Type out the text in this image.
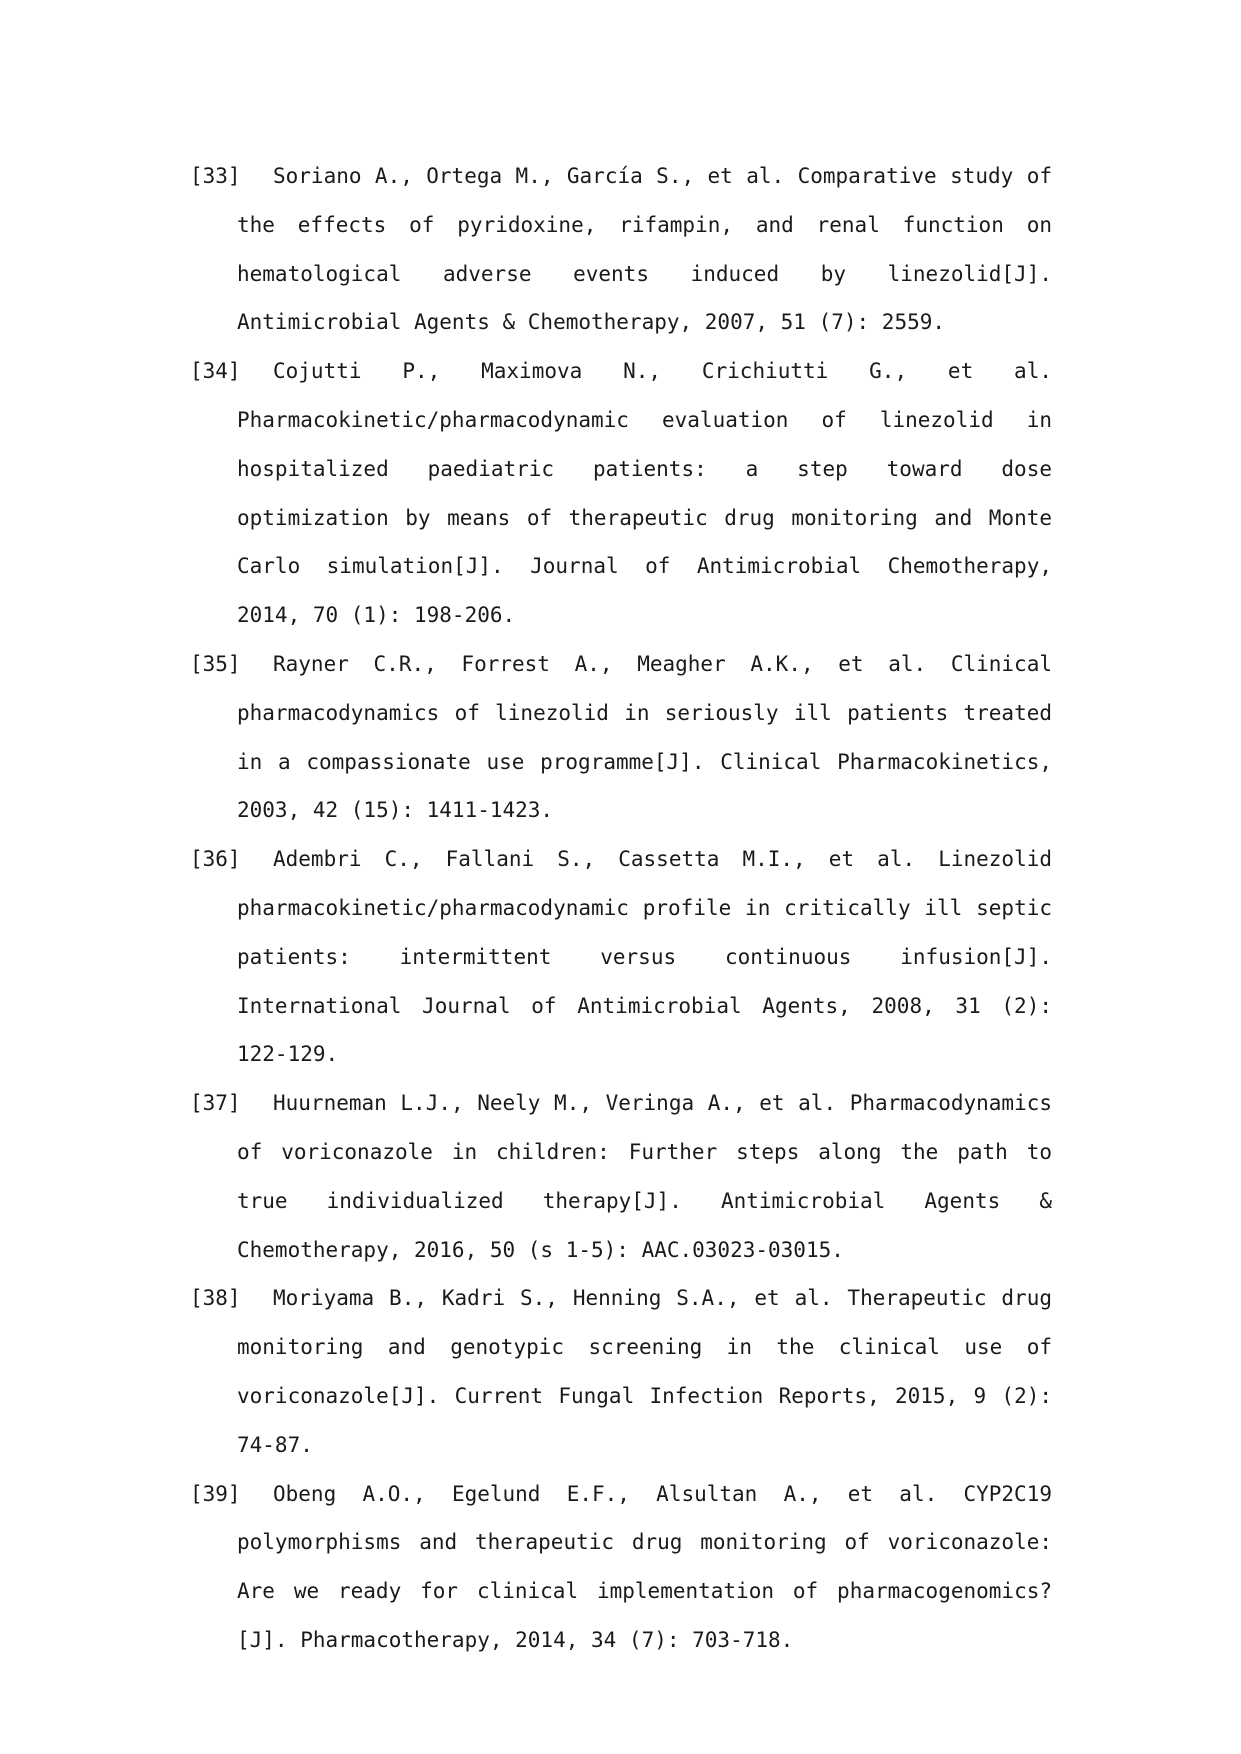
[33]	Soriano A., Ortega M., García S., et al. Comparative study of the effects of pyridoxine, rifampin, and renal function on hematological adverse events induced by linezolid[J]. Antimicrobial Agents & Chemotherapy, 2007, 51 (7): 2559.
[34]	Cojutti P., Maximova N., Crichiutti G., et al. Pharmacokinetic/pharmacodynamic evaluation of linezolid in hospitalized paediatric patients: a step toward dose optimization by means of therapeutic drug monitoring and Monte Carlo simulation[J]. Journal of Antimicrobial Chemotherapy, 2014, 70 (1): 198-206.
[35]	Rayner C.R., Forrest A., Meagher A.K., et al. Clinical pharmacodynamics of linezolid in seriously ill patients treated in a compassionate use programme[J]. Clinical Pharmacokinetics, 2003, 42 (15): 1411-1423.
[36]	Adembri C., Fallani S., Cassetta M.I., et al. Linezolid pharmacokinetic/pharmacodynamic profile in critically ill septic patients: intermittent versus continuous infusion[J]. International Journal of Antimicrobial Agents, 2008, 31 (2): 122-129.
[37]	Huurneman L.J., Neely M., Veringa A., et al. Pharmacodynamics of voriconazole in children: Further steps along the path to true individualized therapy[J]. Antimicrobial Agents & Chemotherapy, 2016, 50 (s 1-5): AAC.03023-03015.
[38]	Moriyama B., Kadri S., Henning S.A., et al. Therapeutic drug monitoring and genotypic screening in the clinical use of voriconazole[J]. Current Fungal Infection Reports, 2015, 9 (2): 74-87.
[39]	Obeng A.O., Egelund E.F., Alsultan A., et al. CYP2C19 polymorphisms and therapeutic drug monitoring of voriconazole: Are we ready for clinical implementation of pharmacogenomics?[J]. Pharmacotherapy, 2014, 34 (7): 703-718.
